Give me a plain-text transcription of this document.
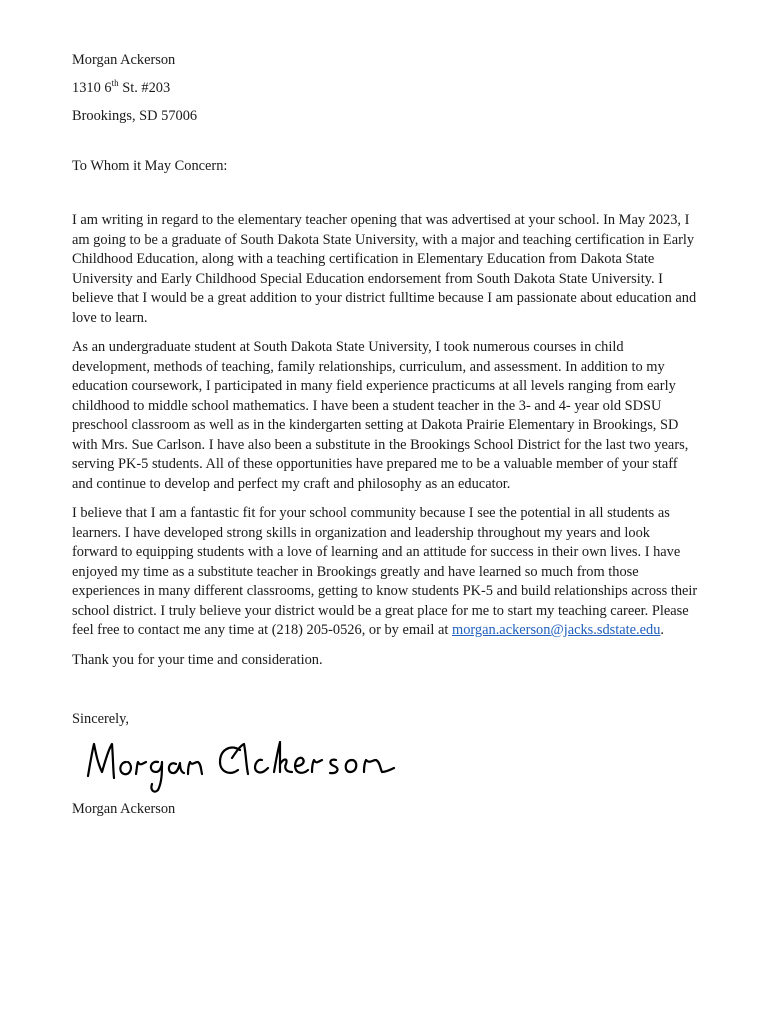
Morgan Ackerson

1310 6th St. #203

Brookings, SD 57006

To Whom it May Concern:

I am writing in regard to the elementary teacher opening that was advertised at your school. In May 2023, I am going to be a graduate of South Dakota State University, with a major and teaching certification in Early Childhood Education, along with a teaching certification in Elementary Education from Dakota State University and Early Childhood Special Education endorsement from South Dakota State University. I believe that I would be a great addition to your district fulltime because I am passionate about education and love to learn.

As an undergraduate student at South Dakota State University, I took numerous courses in child development, methods of teaching, family relationships, curriculum, and assessment. In addition to my education coursework, I participated in many field experience practicums at all levels ranging from early childhood to middle school mathematics. I have been a student teacher in the 3- and 4- year old SDSU preschool classroom as well as in the kindergarten setting at Dakota Prairie Elementary in Brookings, SD with Mrs. Sue Carlson. I have also been a substitute in the Brookings School District for the last two years, serving PK-5 students. All of these opportunities have prepared me to be a valuable member of your staff and continue to develop and perfect my craft and philosophy as an educator.

I believe that I am a fantastic fit for your school community because I see the potential in all students as learners. I have developed strong skills in organization and leadership throughout my years and look forward to equipping students with a love of learning and an attitude for success in their own lives. I have enjoyed my time as a substitute teacher in Brookings greatly and have learned so much from those experiences in many different classrooms, getting to know students PK-5 and build relationships across their school district. I truly believe your district would be a great place for me to start my teaching career. Please feel free to contact me any time at (218) 205-0526, or by email at morgan.ackerson@jacks.sdstate.edu.

Thank you for your time and consideration.

Sincerely,

Morgan Ackerson
